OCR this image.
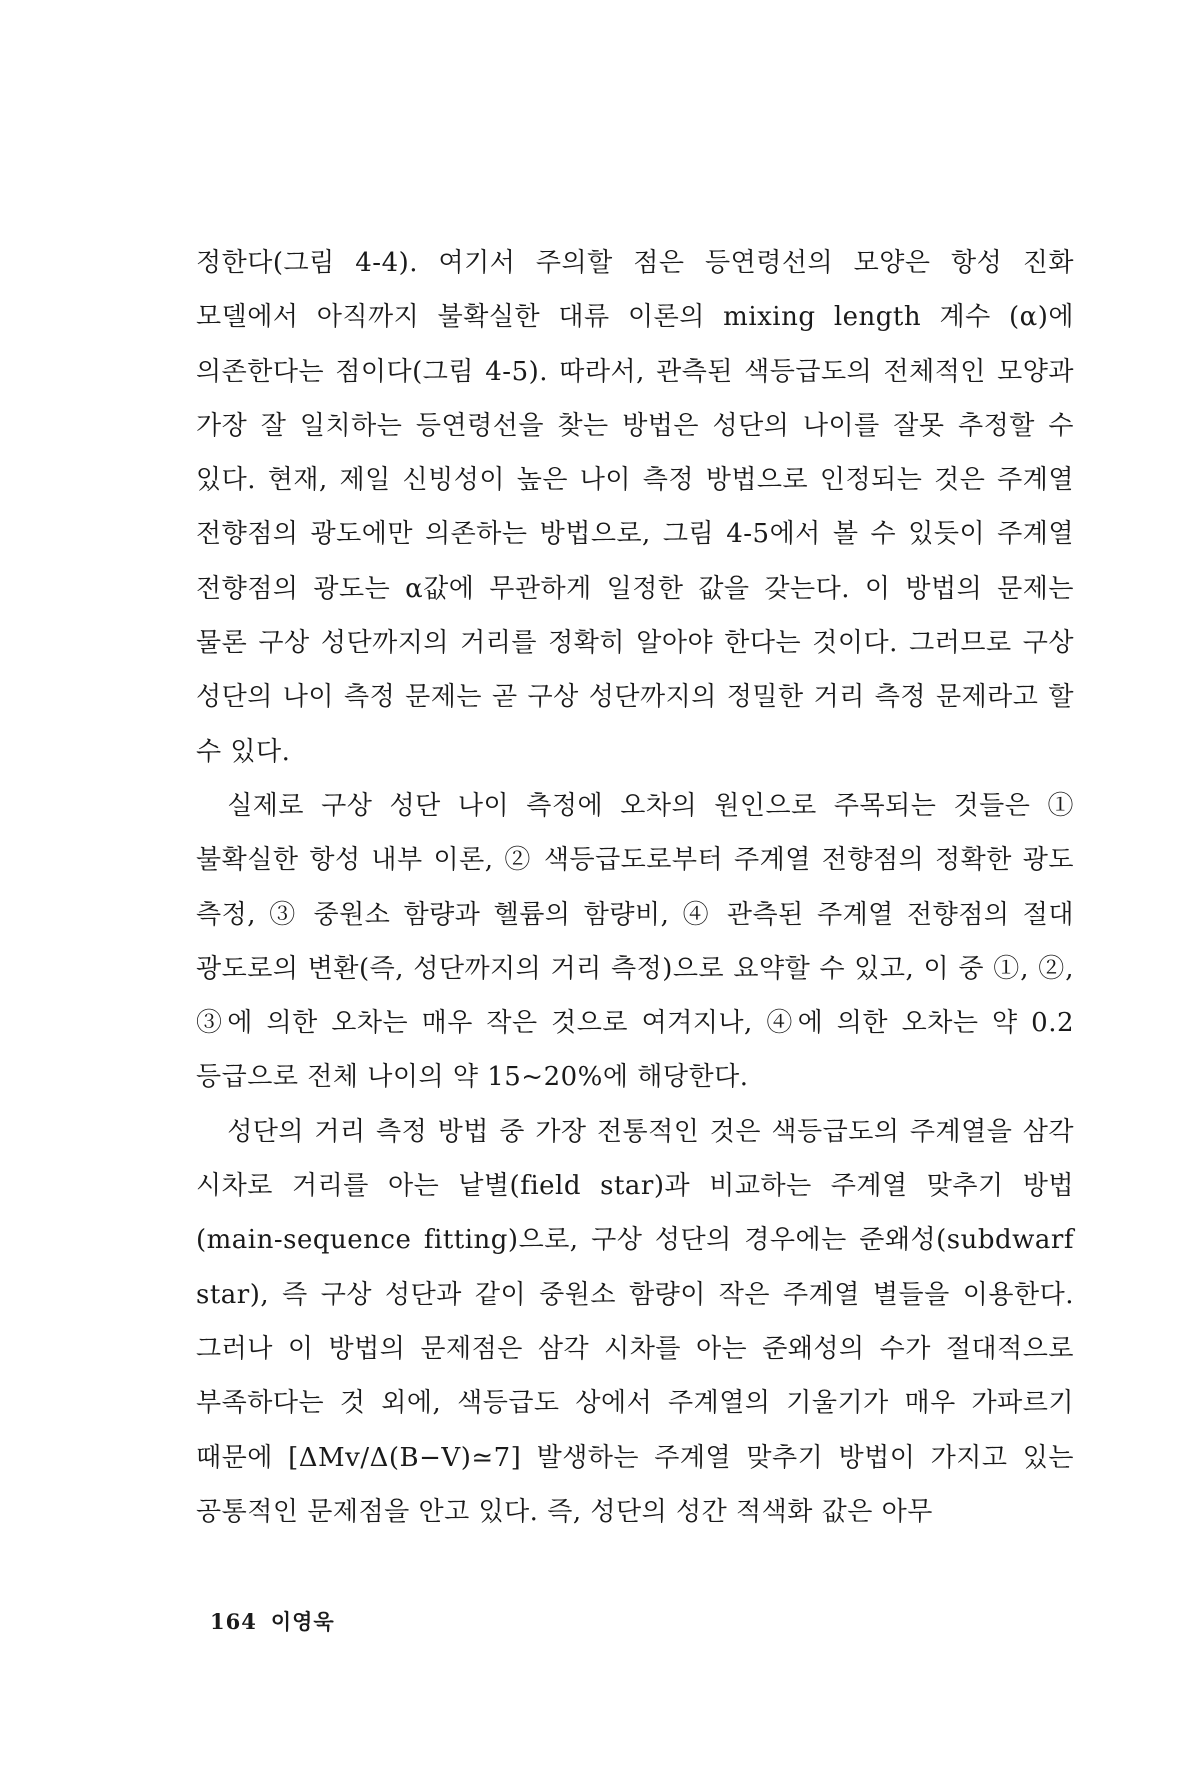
정한다(그림 4-4). 여기서 주의할 점은 등연령선의 모양은 항성 진화 모델에서 아직까지 불확실한 대류 이론의 mixing length 계수 (α)에 의존한다는 점이다(그림 4-5). 따라서, 관측된 색등급도의 전체적인 모양과 가장 잘 일치하는 등연령선을 찾는 방법은 성단의 나이를 잘못 추정할 수 있다. 현재, 제일 신빙성이 높은 나이 측정 방법으로 인정되는 것은 주계열 전향점의 광도에만 의존하는 방법으로, 그림 4-5에서 볼 수 있듯이 주계열 전향점의 광도는 α값에 무관하게 일정한 값을 갖는다. 이 방법의 문제는 물론 구상 성단까지의 거리를 정확히 알아야 한다는 것이다. 그러므로 구상 성단의 나이 측정 문제는 곧 구상 성단까지의 정밀한 거리 측정 문제라고 할 수 있다.

실제로 구상 성단 나이 측정에 오차의 원인으로 주목되는 것들은 ① 불확실한 항성 내부 이론, ② 색등급도로부터 주계열 전향점의 정확한 광도 측정, ③ 중원소 함량과 헬륨의 함량비, ④ 관측된 주계열 전향점의 절대 광도로의 변환(즉, 성단까지의 거리 측정)으로 요약할 수 있고, 이 중 ①, ②, ③에 의한 오차는 매우 작은 것으로 여겨지나, ④에 의한 오차는 약 0.2 등급으로 전체 나이의 약 15~20%에 해당한다.

성단의 거리 측정 방법 중 가장 전통적인 것은 색등급도의 주계열을 삼각 시차로 거리를 아는 낱별(field star)과 비교하는 주계열 맞추기 방법(main-sequence fitting)으로, 구상 성단의 경우에는 준왜성(subdwarf star), 즉 구상 성단과 같이 중원소 함량이 작은 주계열 별들을 이용한다. 그러나 이 방법의 문제점은 삼각 시차를 아는 준왜성의 수가 절대적으로 부족하다는 것 외에, 색등급도 상에서 주계열의 기울기가 매우 가파르기 때문에 [ΔMv/Δ(B−V)≃7] 발생하는 주계열 맞추기 방법이 가지고 있는 공통적인 문제점을 안고 있다. 즉, 성단의 성간 적색화 값은 아무

164 이영욱
